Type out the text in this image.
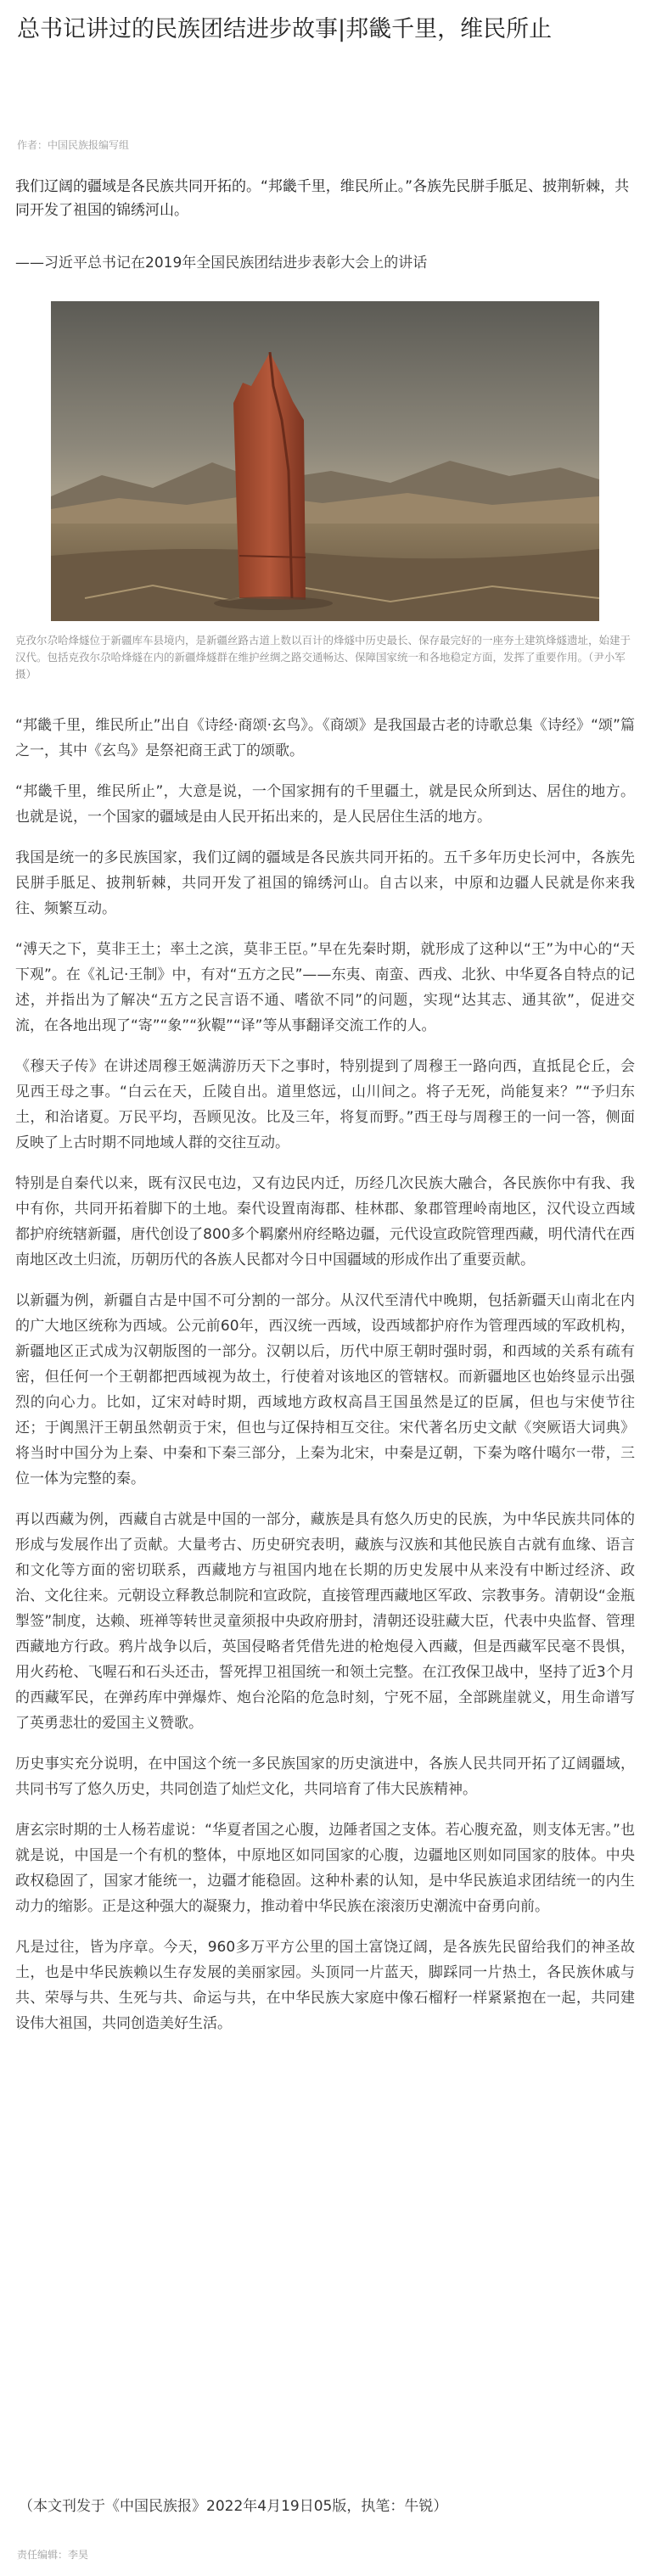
总书记讲过的民族团结进步故事|邦畿千里，维民所止
作者：中国民族报编写组

我们辽阔的疆域是各民族共同开拓的。“邦畿千里，维民所止。”各族先民胼手胝足、披荆斩棘，共同开发了祖国的锦绣河山。

——习近平总书记在2019年全国民族团结进步表彰大会上的讲话

克孜尔尕哈烽燧位于新疆库车县境内，是新疆丝路古道上数以百计的烽燧中历史最长、保存最完好的一座夯土建筑烽燧遗址，始建于汉代。包括克孜尔尕哈烽燧在内的新疆烽燧群在维护丝绸之路交通畅达、保障国家统一和各地稳定方面，发挥了重要作用。（尹小军 摄）

“邦畿千里，维民所止”出自《诗经·商颂·玄鸟》。《商颂》是我国最古老的诗歌总集《诗经》“颂”篇之一，其中《玄鸟》是祭祀商王武丁的颂歌。

“邦畿千里，维民所止”，大意是说，一个国家拥有的千里疆土，就是民众所到达、居住的地方。也就是说，一个国家的疆域是由人民开拓出来的，是人民居住生活的地方。

我国是统一的多民族国家，我们辽阔的疆域是各民族共同开拓的。五千多年历史长河中，各族先民胼手胝足、披荆斩棘，共同开发了祖国的锦绣河山。自古以来，中原和边疆人民就是你来我往、频繁互动。

“溥天之下，莫非王土；率土之滨，莫非王臣。”早在先秦时期，就形成了这种以“王”为中心的“天下观”。在《礼记·王制》中，有对“五方之民”——东夷、南蛮、西戎、北狄、中华夏各自特点的记述，并指出为了解决“五方之民言语不通、嗜欲不同”的问题，实现“达其志、通其欲”，促进交流，在各地出现了“寄”“象”“狄鞮”“译”等从事翻译交流工作的人。

《穆天子传》在讲述周穆王姬满游历天下之事时，特别提到了周穆王一路向西，直抵昆仑丘，会见西王母之事。“白云在天，丘陵自出。道里悠远，山川间之。将子无死，尚能复来？”“予归东土，和治诸夏。万民平均，吾顾见汝。比及三年，将复而野。”西王母与周穆王的一问一答，侧面反映了上古时期不同地域人群的交往互动。

特别是自秦代以来，既有汉民屯边，又有边民内迁，历经几次民族大融合，各民族你中有我、我中有你，共同开拓着脚下的土地。秦代设置南海郡、桂林郡、象郡管理岭南地区，汉代设立西域都护府统辖新疆，唐代创设了800多个羁縻州府经略边疆，元代设宣政院管理西藏，明代清代在西南地区改土归流，历朝历代的各族人民都对今日中国疆域的形成作出了重要贡献。

以新疆为例，新疆自古是中国不可分割的一部分。从汉代至清代中晚期，包括新疆天山南北在内的广大地区统称为西域。公元前60年，西汉统一西域，设西域都护府作为管理西域的军政机构，新疆地区正式成为汉朝版图的一部分。汉朝以后，历代中原王朝时强时弱，和西域的关系有疏有密，但任何一个王朝都把西域视为故土，行使着对该地区的管辖权。而新疆地区也始终显示出强烈的向心力。比如，辽宋对峙时期，西域地方政权高昌王国虽然是辽的臣属，但也与宋使节往还；于阗黑汗王朝虽然朝贡于宋，但也与辽保持相互交往。宋代著名历史文献《突厥语大词典》将当时中国分为上秦、中秦和下秦三部分，上秦为北宋，中秦是辽朝，下秦为喀什噶尔一带，三位一体为完整的秦。

再以西藏为例，西藏自古就是中国的一部分，藏族是具有悠久历史的民族，为中华民族共同体的形成与发展作出了贡献。大量考古、历史研究表明，藏族与汉族和其他民族自古就有血缘、语言和文化等方面的密切联系，西藏地方与祖国内地在长期的历史发展中从来没有中断过经济、政治、文化往来。元朝设立释教总制院和宣政院，直接管理西藏地区军政、宗教事务。清朝设“金瓶掣签”制度，达赖、班禅等转世灵童须报中央政府册封，清朝还设驻藏大臣，代表中央监督、管理西藏地方行政。鸦片战争以后，英国侵略者凭借先进的枪炮侵入西藏，但是西藏军民毫不畏惧，用火药枪、飞喔石和石头还击，誓死捍卫祖国统一和领土完整。在江孜保卫战中，坚持了近3个月的西藏军民，在弹药库中弹爆炸、炮台沦陷的危急时刻，宁死不屈，全部跳崖就义，用生命谱写了英勇悲壮的爱国主义赞歌。

历史事实充分说明，在中国这个统一多民族国家的历史演进中，各族人民共同开拓了辽阔疆域，共同书写了悠久历史，共同创造了灿烂文化，共同培育了伟大民族精神。

唐玄宗时期的士人杨若虚说：“华夏者国之心腹，边陲者国之支体。若心腹充盈，则支体无害。”也就是说，中国是一个有机的整体，中原地区如同国家的心腹，边疆地区则如同国家的肢体。中央政权稳固了，国家才能统一，边疆才能稳固。这种朴素的认知，是中华民族追求团结统一的内生动力的缩影。正是这种强大的凝聚力，推动着中华民族在滚滚历史潮流中奋勇向前。

凡是过往，皆为序章。今天，960多万平方公里的国土富饶辽阔，是各族先民留给我们的神圣故土，也是中华民族赖以生存发展的美丽家园。头顶同一片蓝天，脚踩同一片热土，各民族休戚与共、荣辱与共、生死与共、命运与共，在中华民族大家庭中像石榴籽一样紧紧抱在一起，共同建设伟大祖国，共同创造美好生活。

（本文刊发于《中国民族报》2022年4月19日05版，执笔：牛锐）

责任编辑：李昊
